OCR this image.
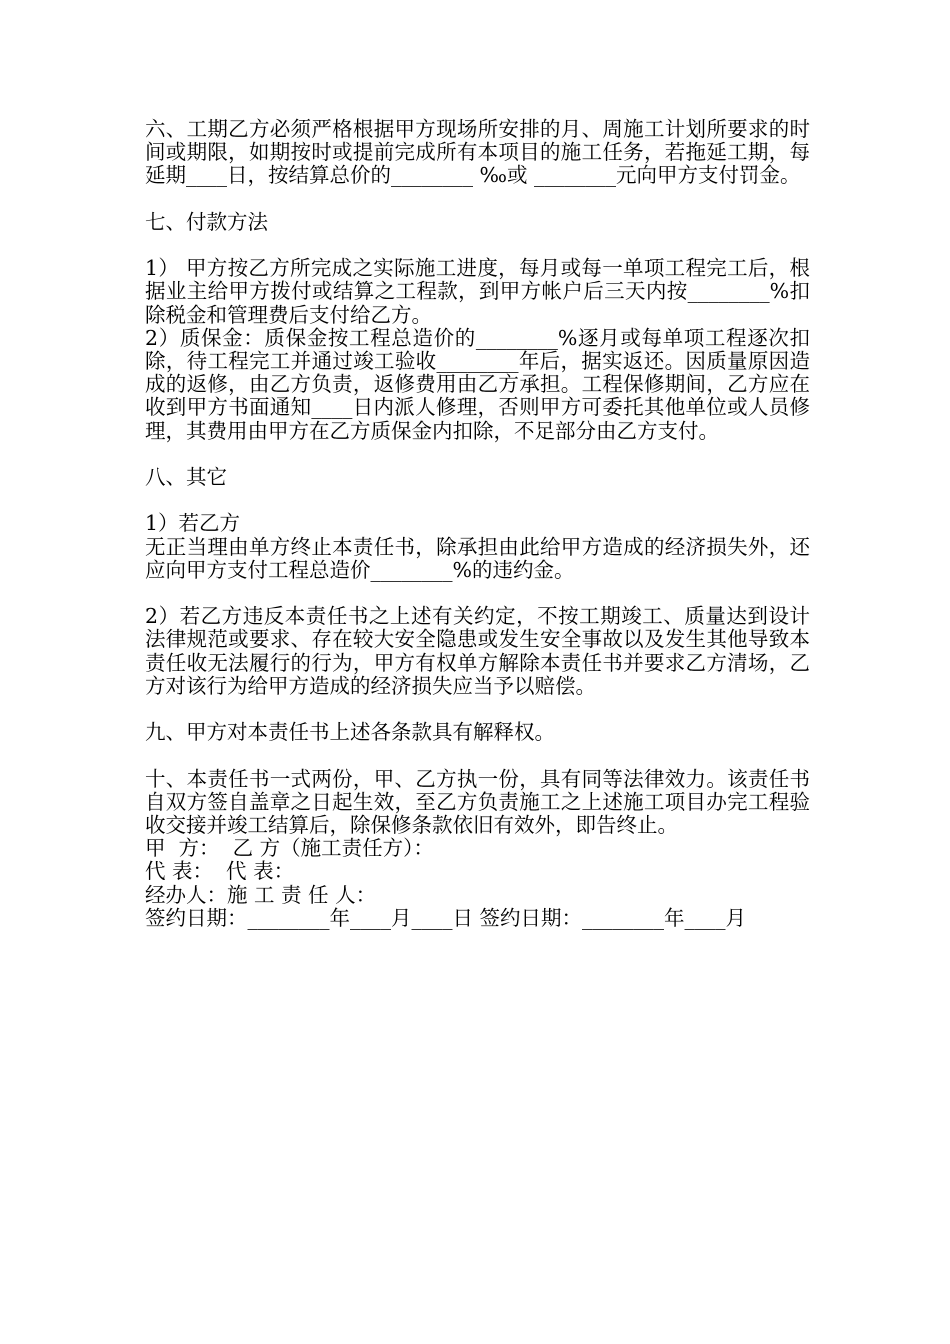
六、工期乙方必须严格根据甲方现场所安排的月、周施工计划所要求的时间或期限，如期按时或提前完成所有本项目的施工任务，若拖延工期，每延期____日，按结算总价的________ ‰或 ________元向甲方支付罚金。

七、付款方法

1） 甲方按乙方所完成之实际施工进度，每月或每一单项工程完工后，根据业主给甲方拨付或结算之工程款，到甲方帐户后三天内按________%扣除税金和管理费后支付给乙方。

2）质保金：质保金按工程总造价的________%逐月或每单项工程逐次扣除，待工程完工并通过竣工验收________年后，据实返还。因质量原因造成的返修，由乙方负责，返修费用由乙方承担。工程保修期间，乙方应在收到甲方书面通知____日内派人修理，否则甲方可委托其他单位或人员修理，其费用由甲方在乙方质保金内扣除，不足部分由乙方支付。

八、其它

1）若乙方

无正当理由单方终止本责任书，除承担由此给甲方造成的经济损失外，还应向甲方支付工程总造价________%的违约金。

2）若乙方违反本责任书之上述有关约定，不按工期竣工、质量达到设计法律规范或要求、存在较大安全隐患或发生安全事故以及发生其他导致本责任收无法履行的行为，甲方有权单方解除本责任书并要求乙方清场，乙方对该行为给甲方造成的经济损失应当予以赔偿。

九、甲方对本责任书上述各条款具有解释权。

十、本责任书一式两份，甲、乙方执一份，具有同等法律效力。该责任书自双方签自盖章之日起生效，至乙方负责施工之上述施工项目办完工程验收交接并竣工结算后，除保修条款依旧有效外，即告终止。

甲  方：  乙 方（施工责任方）：

代 表：  代 表：

经办人：施 工 责 任 人：

签约日期：________年____月____日 签约日期：________年____月
